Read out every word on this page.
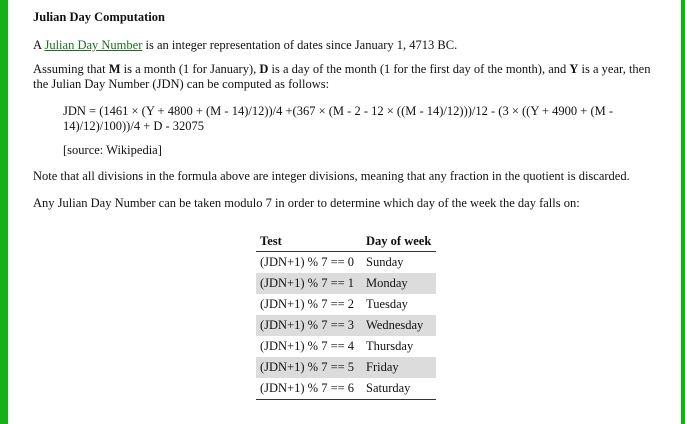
Julian Day Computation

A Julian Day Number is an integer representation of dates since January 1, 4713 BC.

Assuming that M is a month (1 for January), D is a day of the month (1 for the first day of the month), and Y is a year, then the Julian Day Number (JDN) can be computed as follows:

JDN = (1461 × (Y + 4800 + (M - 14)/12))/4 +(367 × (M - 2 - 12 × ((M - 14)/12)))/12 - (3 × ((Y + 4900 + (M - 14)/12)/100))/4 + D - 32075

[source: Wikipedia]

Note that all divisions in the formula above are integer divisions, meaning that any fraction in the quotient is discarded.

Any Julian Day Number can be taken modulo 7 in order to determine which day of the week the day falls on:

Test	Day of week
(JDN+1) % 7 == 0	Sunday
(JDN+1) % 7 == 1	Monday
(JDN+1) % 7 == 2	Tuesday
(JDN+1) % 7 == 3	Wednesday
(JDN+1) % 7 == 4	Thursday
(JDN+1) % 7 == 5	Friday
(JDN+1) % 7 == 6	Saturday
